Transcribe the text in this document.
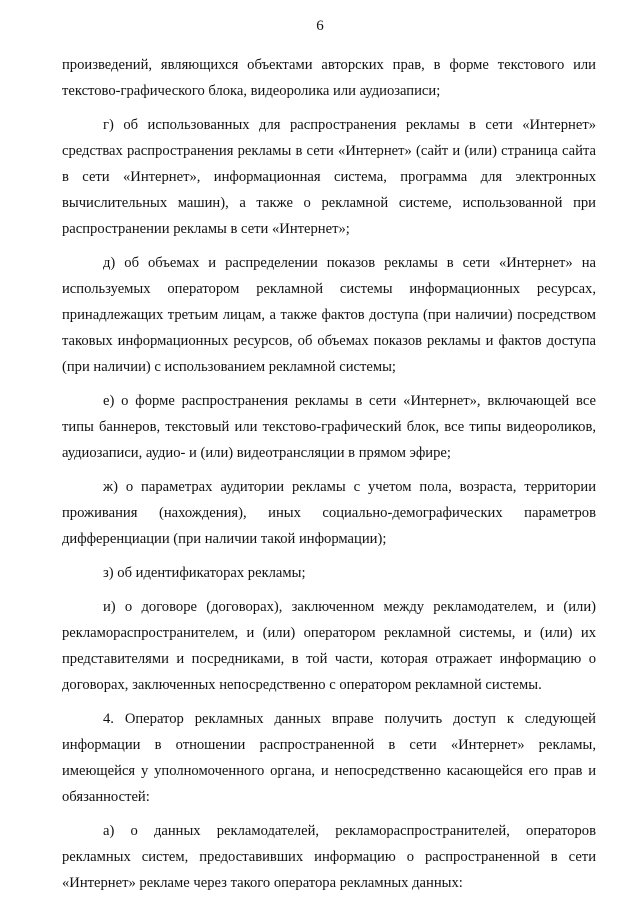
6

произведений, являющихся объектами авторских прав, в форме текстового или текстово-графического блока, видеоролика или аудиозаписи;

г) об использованных для распространения рекламы в сети «Интернет» средствах распространения рекламы в сети «Интернет» (сайт и (или) страница сайта в сети «Интернет», информационная система, программа для электронных вычислительных машин), а также о рекламной системе, использованной при распространении рекламы в сети «Интернет»;

д) об объемах и распределении показов рекламы в сети «Интернет» на используемых оператором рекламной системы информационных ресурсах, принадлежащих третьим лицам, а также фактов доступа (при наличии) посредством таковых информационных ресурсов, об объемах показов рекламы и фактов доступа (при наличии) с использованием рекламной системы;

е) о форме распространения рекламы в сети «Интернет», включающей все типы баннеров, текстовый или текстово-графический блок, все типы видеороликов, аудиозаписи, аудио- и (или) видеотрансляции в прямом эфире;

ж) о параметрах аудитории рекламы с учетом пола, возраста, территории проживания (нахождения), иных социально-демографических параметров дифференциации (при наличии такой информации);

з) об идентификаторах рекламы;

и) о договоре (договорах), заключенном между рекламодателем, и (или) рекламораспространителем, и (или) оператором рекламной системы, и (или) их представителями и посредниками, в той части, которая отражает информацию о договорах, заключенных непосредственно с оператором рекламной системы.

4. Оператор рекламных данных вправе получить доступ к следующей информации в отношении распространенной в сети «Интернет» рекламы, имеющейся у уполномоченного органа, и непосредственно касающейся его прав и обязанностей:

а) о данных рекламодателей, рекламораспространителей, операторов рекламных систем, предоставивших информацию о распространенной в сети «Интернет» рекламе через такого оператора рекламных данных:
